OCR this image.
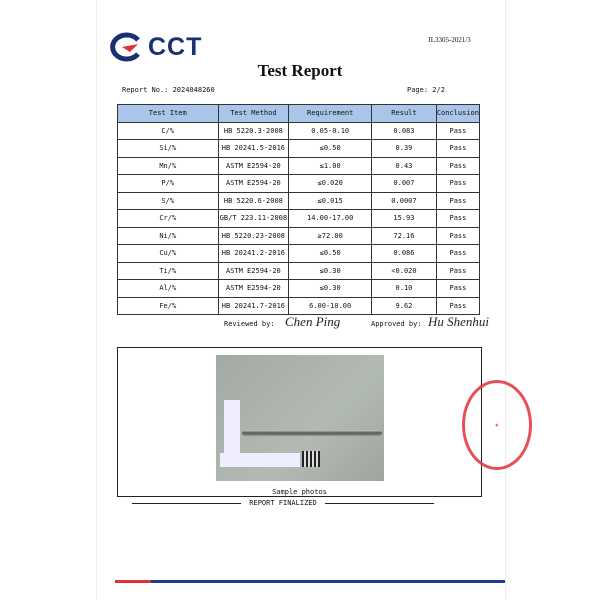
CCT	JL3305-2021/3
Test Report
Report No.: 2024048260	Page: 2/2
Test Item	Test Method	Requirement	Result	Conclusion
C/%	HB 5220.3-2008	0.05-0.10	0.083	Pass
Si/%	HB 20241.5-2016	≤0.50	0.39	Pass
Mn/%	ASTM E2594-20	≤1.00	0.43	Pass
P/%	ASTM E2594-20	≤0.020	0.007	Pass
S/%	HB 5220.6-2008	≤0.015	0.0007	Pass
Cr/%	GB/T 223.11-2008	14.00-17.00	15.93	Pass
Ni/%	HB 5220.23-2008	≥72.00	72.16	Pass
Cu/%	HB 20241.2-2016	≤0.50	0.086	Pass
Ti/%	ASTM E2594-20	≤0.30	<0.020	Pass
Al/%	ASTM E2594-20	≤0.30	0.10	Pass
Fe/%	HB 20241.7-2016	6.00-10.00	9.62	Pass
Reviewed by: Chen Ping	Approved by: Hu Shenhui
Sample photos
★
REPORT FINALIZED
